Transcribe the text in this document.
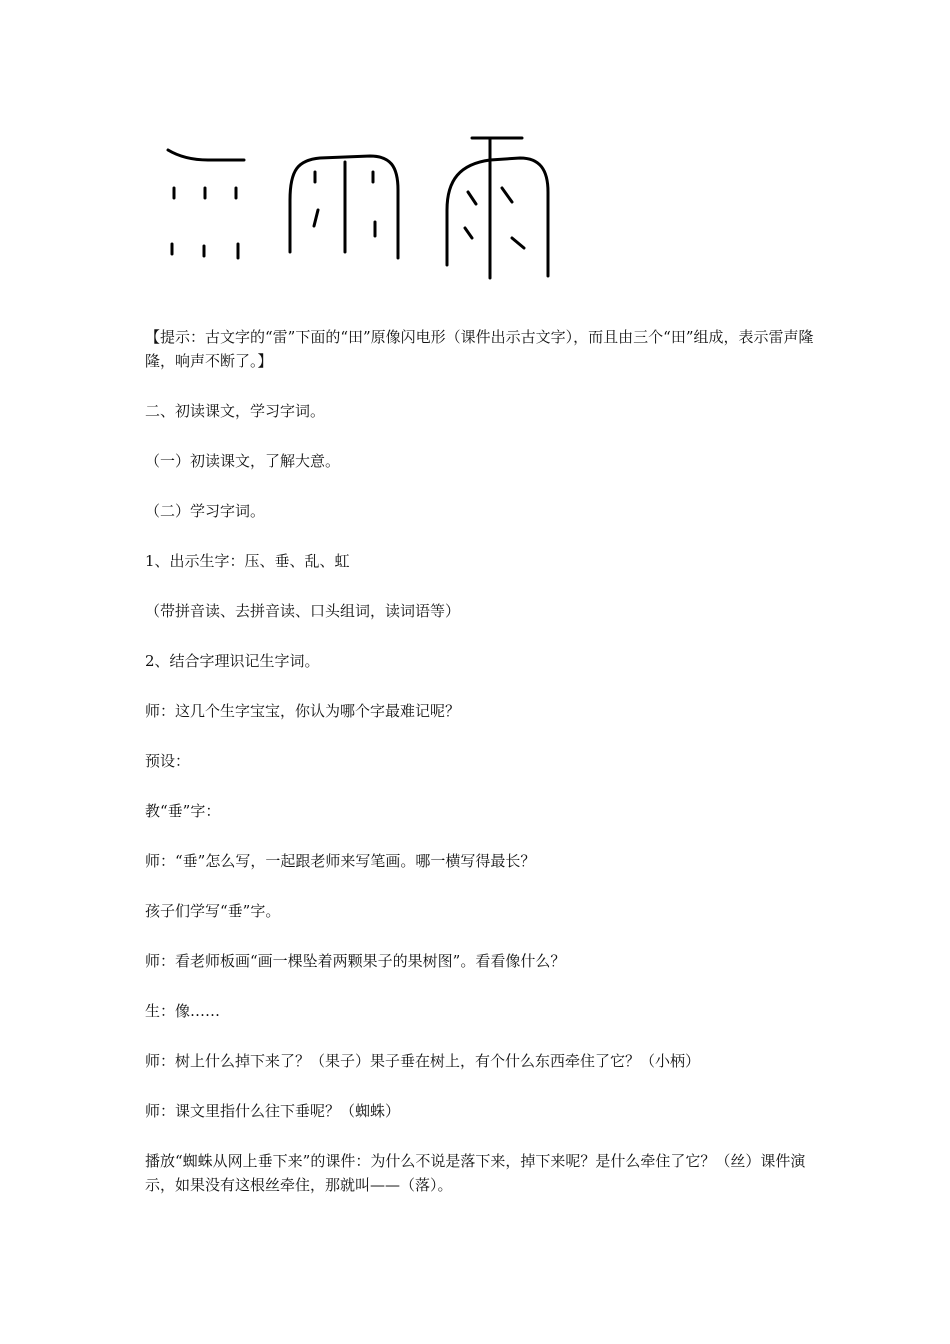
【提示：古文字的“雷”下面的“田”原像闪电形（课件出示古文字），而且由三个“田”组成，表示雷声隆隆，响声不断了。】

二、初读课文，学习字词。

（一）初读课文，了解大意。

（二）学习字词。

1、出示生字：压、垂、乱、虹

（带拼音读、去拼音读、口头组词，读词语等）

2、结合字理识记生字词。

师：这几个生字宝宝，你认为哪个字最难记呢？

预设：

教“垂”字：

师：“垂”怎么写，一起跟老师来写笔画。哪一横写得最长？

孩子们学写“垂”字。

师：看老师板画“画一棵坠着两颗果子的果树图”。看看像什么？

生：像……

师：树上什么掉下来了？（果子）果子垂在树上，有个什么东西牵住了它？（小柄）

师：课文里指什么往下垂呢？（蜘蛛）

播放“蜘蛛从网上垂下来”的课件：为什么不说是落下来，掉下来呢？是什么牵住了它？（丝）课件演示，如果没有这根丝牵住，那就叫——（落）。
